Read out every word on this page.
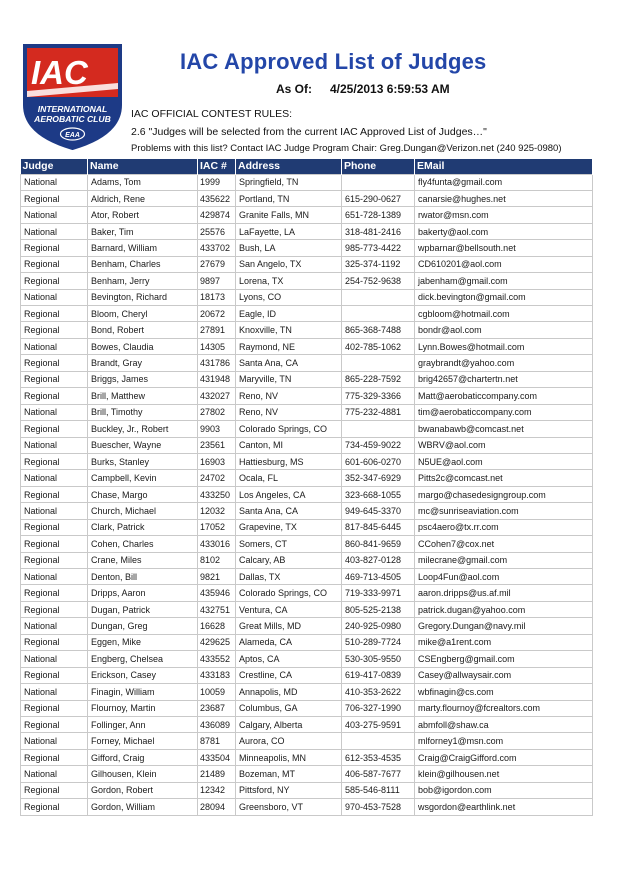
IAC
INTERNATIONAL
AEROBATIC CLUB
EAA
IAC Approved List of Judges
As Of: 4/25/2013 6:59:53 AM
IAC OFFICIAL CONTEST RULES:
2.6 "Judges will be selected from the current IAC Approved List of Judges…"
Problems with this list? Contact IAC Judge Program Chair: Greg.Dungan@Verizon.net (240 925-0980)
Judge	Name	IAC #	Address	Phone	EMail
National	Adams, Tom	1999	Springfield, TN		fly4funta@gmail.com
Regional	Aldrich, Rene	435622	Portland, TN	615-290-0627	canarsie@hughes.net
National	Ator, Robert	429874	Granite Falls, MN	651-728-1389	rwator@msn.com
National	Baker, Tim	25576	LaFayette, LA	318-481-2416	bakerty@aol.com
Regional	Barnard, William	433702	Bush, LA	985-773-4422	wpbarnar@bellsouth.net
Regional	Benham, Charles	27679	San Angelo, TX	325-374-1192	CD610201@aol.com
Regional	Benham, Jerry	9897	Lorena, TX	254-752-9638	jabenham@gmail.com
National	Bevington, Richard	18173	Lyons, CO		dick.bevington@gmail.com
Regional	Bloom, Cheryl	20672	Eagle, ID		cgbloom@hotmail.com
Regional	Bond, Robert	27891	Knoxville, TN	865-368-7488	bondr@aol.com
National	Bowes, Claudia	14305	Raymond, NE	402-785-1062	Lynn.Bowes@hotmail.com
Regional	Brandt, Gray	431786	Santa Ana, CA		graybrandt@yahoo.com
Regional	Briggs, James	431948	Maryville, TN	865-228-7592	brig42657@chartertn.net
Regional	Brill, Matthew	432027	Reno, NV	775-329-3366	Matt@aerobaticcompany.com
National	Brill, Timothy	27802	Reno, NV	775-232-4881	tim@aerobaticcompany.com
Regional	Buckley, Jr., Robert	9903	Colorado Springs, CO		bwanabawb@comcast.net
National	Buescher, Wayne	23561	Canton, MI	734-459-9022	WBRV@aol.com
Regional	Burks, Stanley	16903	Hattiesburg, MS	601-606-0270	N5UE@aol.com
National	Campbell, Kevin	24702	Ocala, FL	352-347-6929	Pitts2c@comcast.net
Regional	Chase, Margo	433250	Los Angeles, CA	323-668-1055	margo@chasedesigngroup.com
National	Church, Michael	12032	Santa Ana, CA	949-645-3370	mc@sunriseaviation.com
Regional	Clark, Patrick	17052	Grapevine, TX	817-845-6445	psc4aero@tx.rr.com
Regional	Cohen, Charles	433016	Somers, CT	860-841-9659	CCohen7@cox.net
Regional	Crane, Miles	8102	Calcary, AB	403-827-0128	milecrane@gmail.com
National	Denton, Bill	9821	Dallas, TX	469-713-4505	Loop4Fun@aol.com
Regional	Dripps, Aaron	435946	Colorado Springs, CO	719-333-9971	aaron.dripps@us.af.mil
Regional	Dugan, Patrick	432751	Ventura, CA	805-525-2138	patrick.dugan@yahoo.com
National	Dungan, Greg	16628	Great Mills, MD	240-925-0980	Gregory.Dungan@navy.mil
Regional	Eggen, Mike	429625	Alameda, CA	510-289-7724	mike@a1rent.com
National	Engberg, Chelsea	433552	Aptos, CA	530-305-9550	CSEngberg@gmail.com
Regional	Erickson, Casey	433183	Crestline, CA	619-417-0839	Casey@allwaysair.com
National	Finagin, William	10059	Annapolis, MD	410-353-2622	wbfinagin@cs.com
Regional	Flournoy, Martin	23687	Columbus, GA	706-327-1990	marty.flournoy@fcrealtors.com
Regional	Follinger, Ann	436089	Calgary, Alberta	403-275-9591	abmfoll@shaw.ca
National	Forney, Michael	8781	Aurora, CO		mlforney1@msn.com
Regional	Gifford, Craig	433504	Minneapolis, MN	612-353-4535	Craig@CraigGifford.com
National	Gilhousen, Klein	21489	Bozeman, MT	406-587-7677	klein@gilhousen.net
Regional	Gordon, Robert	12342	Pittsford, NY	585-546-8111	bob@igordon.com
Regional	Gordon, William	28094	Greensboro, VT	970-453-7528	wsgordon@earthlink.net
